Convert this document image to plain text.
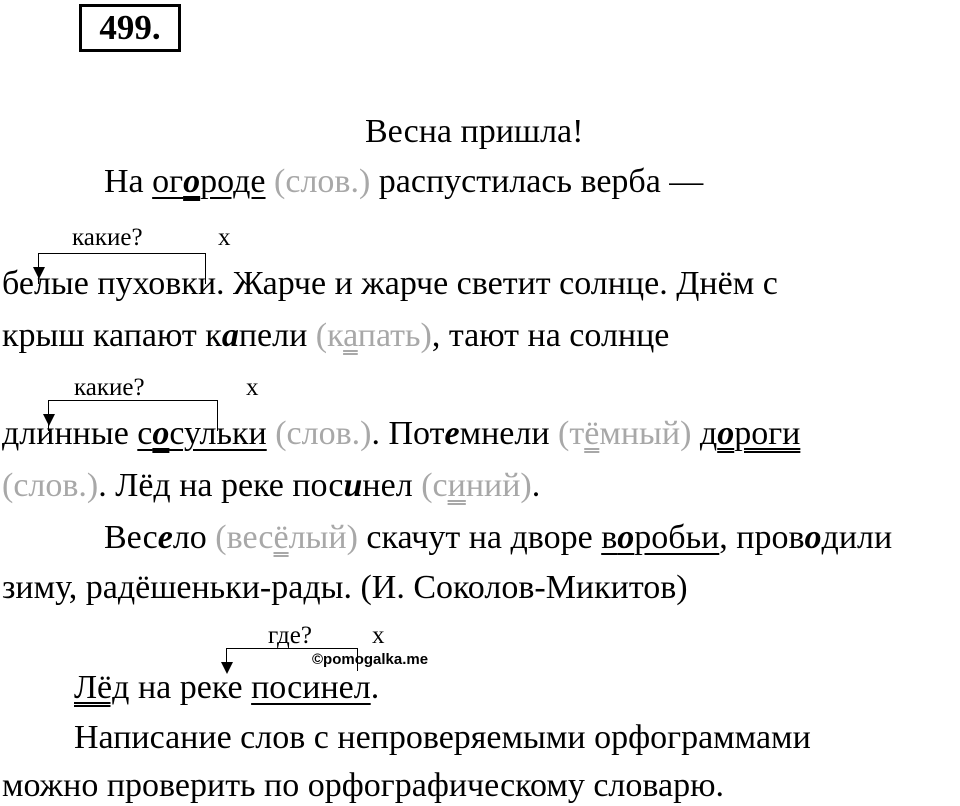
499.
Весна пришла!
На огороде (слов.) распустилась верба —
какие?	x
белые пуховки. Жарче и жарче светит солнце. Днём с
крыш капают капели (капать), тают на солнце
какие?	x
длинные сосульки (слов.). Потемнели (тёмный) дороги
(слов.). Лёд на реке посинел (синий).
Весело (весёлый) скачут на дворе воробьи, проводили
зиму, радёшеньки-рады. (И. Соколов-Микитов)
где? x
©pomogalka.me
Лёд на реке посинел.
Написание слов с непроверяемыми орфограммами
можно проверить по орфографическому словарю.
